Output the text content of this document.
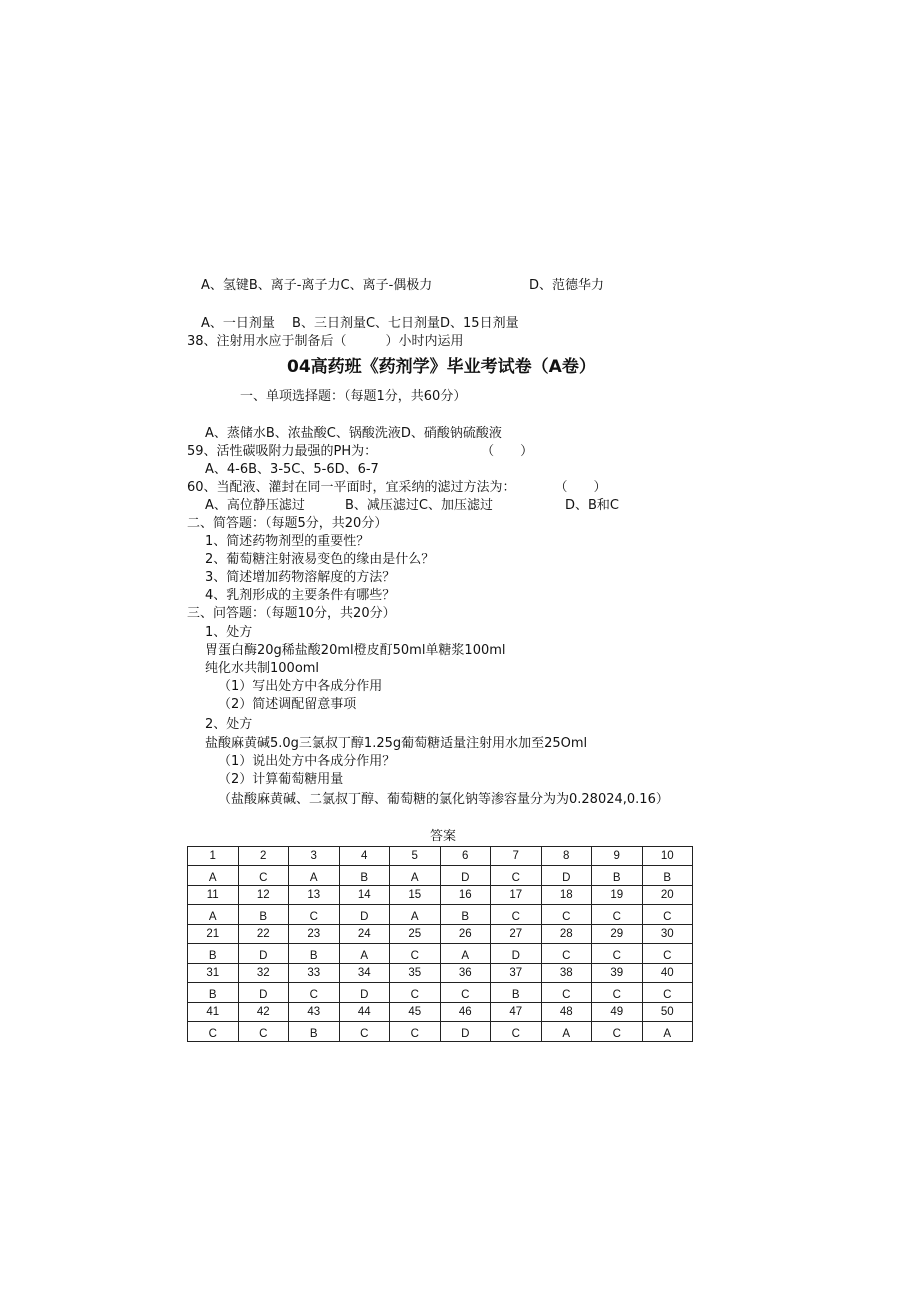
A、氢键B、离子-离子力C、离子-偶极力	D、范德华力
A、一日剂量　 B、三日剂量C、七日剂量D、15日剂量
38、注射用水应于制备后（　　　）小时内运用
04高药班《药剂学》毕业考试卷（A卷）
一、单项选择题：（每题1分，共60分）
A、蒸储水B、浓盐酸C、锅酸洗液D、硝酸钠硫酸液
59、活性碳吸附力最强的PH为：　　　　　　　　　（　　）
A、4-6B、3-5C、5-6D、6-7
60、当配液、灌封在同一平面时，宜采纳的滤过方法为：　　　　（　　）
A、高位静压滤过	B、减压滤过C、加压滤过	D、B和C
二、简答题：（每题5分，共20分）
1、简述药物剂型的重要性？
2、葡萄糖注射液易变色的缘由是什么？
3、简述增加药物溶解度的方法？
4、乳剂形成的主要条件有哪些？
三、问答题：（每题10分，共20分）
1、处方
胃蛋白酶20g稀盐酸20ml橙皮酊50ml单糖浆100ml
纯化水共制100oml
（1）写出处方中各成分作用
（2）简述调配留意事项
2、处方
盐酸麻黄碱5.0g三氯叔丁醇1.25g葡萄糖适量注射用水加至25Oml
（1）说出处方中各成分作用？
（2）计算葡萄糖用量
（盐酸麻黄碱、二氯叔丁醇、葡萄糖的氯化钠等渗容量分为为0.28024,0.16）
答案
1	2	3	4	5	6	7	8	9	10
A	C	A	B	A	D	C	D	B	B
11	12	13	14	15	16	17	18	19	20
A	B	C	D	A	B	C	C	C	C
21	22	23	24	25	26	27	28	29	30
B	D	B	A	C	A	D	C	C	C
31	32	33	34	35	36	37	38	39	40
B	D	C	D	C	C	B	C	C	C
41	42	43	44	45	46	47	48	49	50
C	C	B	C	C	D	C	A	C	A
